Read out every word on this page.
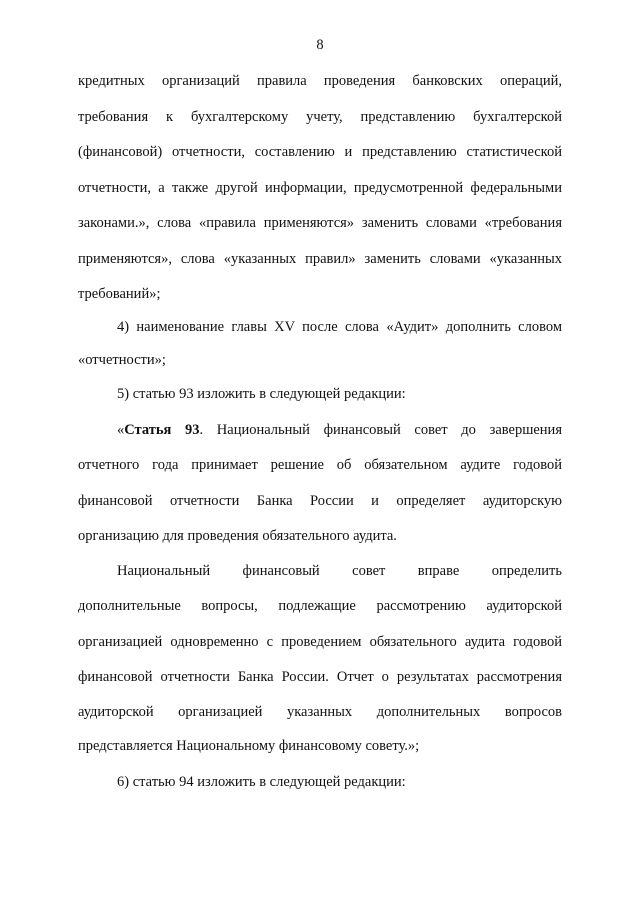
8
кредитных организаций правила проведения банковских операций,
требования к бухгалтерскому учету, представлению бухгалтерской
(финансовой) отчетности, составлению и представлению статистической
отчетности, а также другой информации, предусмотренной федеральными
законами.», слова «правила применяются» заменить словами «требования
применяются», слова «указанных правил» заменить словами «указанных
требований»;
4) наименование главы XV после слова «Аудит» дополнить словом
«отчетности»;
5) статью 93 изложить в следующей редакции:
«Статья 93. Национальный финансовый совет до завершения
отчетного года принимает решение об обязательном аудите годовой
финансовой отчетности Банка России и определяет аудиторскую
организацию для проведения обязательного аудита.
Национальный финансовый совет вправе определить
дополнительные вопросы, подлежащие рассмотрению аудиторской
организацией одновременно с проведением обязательного аудита годовой
финансовой отчетности Банка России. Отчет о результатах рассмотрения
аудиторской организацией указанных дополнительных вопросов
представляется Национальному финансовому совету.»;
6) статью 94 изложить в следующей редакции:
